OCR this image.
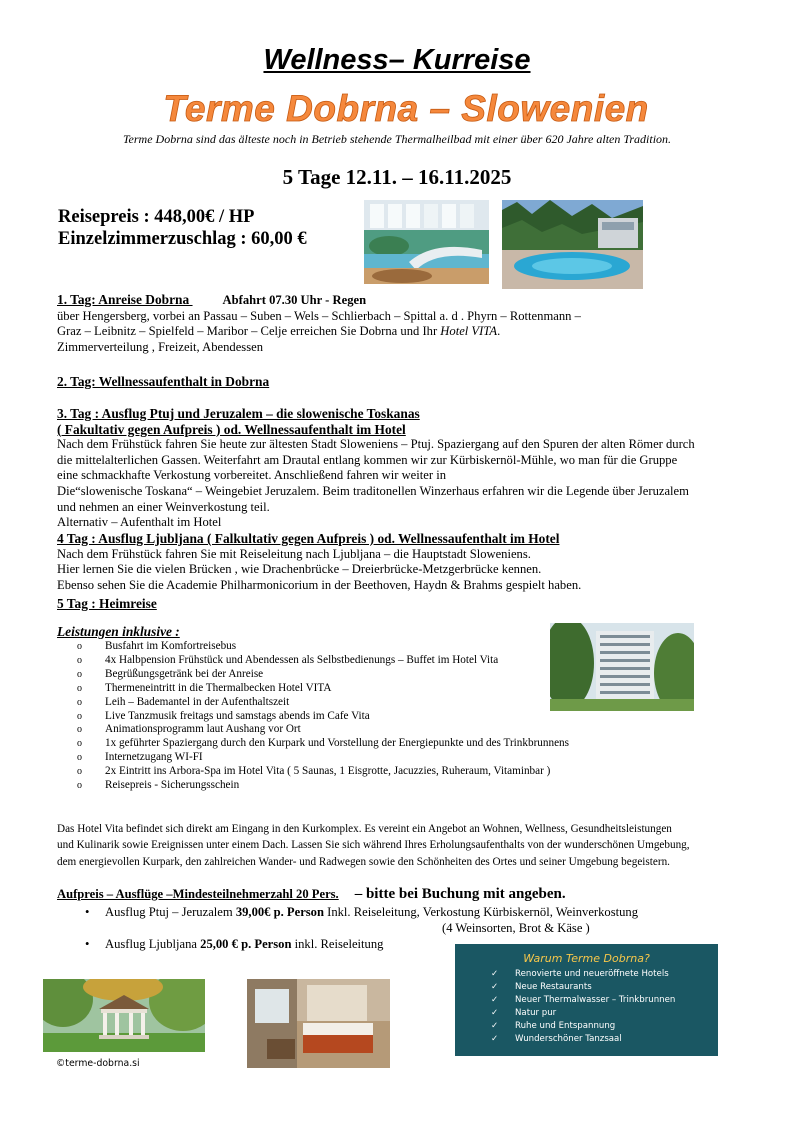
Wellness– Kurreise
Terme Dobrna – Slowenien
Terme Dobrna sind das älteste noch in Betrieb stehende Thermalheilbad mit einer über 620 Jahre alten Tradition.
5 Tage 12.11. – 16.11.2025
Reisepreis : 448,00€ / HP
Einzelzimmerzuschlag : 60,00 €
1. Tag: Anreise Dobrna Abfahrt 07.30 Uhr - Regen
über Hengersberg, vorbei an Passau – Suben – Wels – Schlierbach – Spittal a. d . Phyrn – Rottenmann –
Graz – Leibnitz – Spielfeld – Maribor – Celje erreichen Sie Dobrna und Ihr Hotel VITA.
Zimmerverteilung , Freizeit, Abendessen
2. Tag: Wellnessaufenthalt in Dobrna
3. Tag : Ausflug Ptuj und Jeruzalem – die slowenische Toskanas
( Fakultativ gegen Aufpreis ) od. Wellnessaufenthalt im Hotel
Nach dem Frühstück fahren Sie heute zur ältesten Stadt Sloweniens – Ptuj. Spaziergang auf den Spuren der alten Römer durch
die mittelalterlichen Gassen. Weiterfahrt am Drautal entlang kommen wir zur Kürbiskernöl-Mühle, wo man für die Gruppe
eine schmackhafte Verkostung vorbereitet. Anschließend fahren wir weiter in
Die“slowenische Toskana“ – Weingebiet Jeruzalem. Beim traditonellen Winzerhaus erfahren wir die Legende über Jeruzalem
und nehmen an einer Weinverkostung teil.
Alternativ – Aufenthalt im Hotel
4 Tag : Ausflug Ljubljana ( Falkultativ gegen Aufpreis ) od. Wellnessaufenthalt im Hotel
Nach dem Frühstück fahren Sie mit Reiseleitung nach Ljubljana – die Hauptstadt Sloweniens.
Hier lernen Sie die vielen Brücken , wie Drachenbrücke – Dreierbrücke-Metzgerbrücke kennen.
Ebenso sehen Sie die Academie Philharmonicorium in der Beethoven, Haydn & Brahms gespielt haben.
5 Tag : Heimreise
Leistungen inklusive :
o	Busfahrt im Komfortreisebus
o	4x Halbpension Frühstück und Abendessen als Selbstbedienungs – Buffet im Hotel Vita
o	Begrüßungsgetränk bei der Anreise
o	Thermeneintritt in die Thermalbecken Hotel VITA
o	Leih – Bademantel in der Aufenthaltszeit
o	Live Tanzmusik freitags und samstags abends im Cafe Vita
o	Animationsprogramm laut Aushang vor Ort
o	1x geführter Spaziergang durch den Kurpark und Vorstellung der Energiepunkte und des Trinkbrunnens
o	Internetzugang WI-FI
o	2x Eintritt ins Arbora-Spa im Hotel Vita ( 5 Saunas, 1 Eisgrotte, Jacuzzies, Ruheraum, Vitaminbar )
o	Reisepreis - Sicherungsschein
Das Hotel Vita befindet sich direkt am Eingang in den Kurkomplex. Es vereint ein Angebot an Wohnen, Wellness, Gesundheitsleistungen
und Kulinarik sowie Ereignissen unter einem Dach. Lassen Sie sich während Ihres Erholungsaufenthalts von der wunderschönen Umgebung,
dem energievollen Kurpark, den zahlreichen Wander- und Radwegen sowie den Schönheiten des Ortes und seiner Umgebung begeistern.
Aufpreis – Ausflüge –Mindesteilnehmerzahl 20 Pers. – bitte bei Buchung mit angeben.
• Ausflug Ptuj – Jeruzalem 39,00€ p. Person Inkl. Reiseleitung, Verkostung Kürbiskernöl, Weinverkostung
(4 Weinsorten, Brot & Käse )
• Ausflug Ljubljana 25,00 € p. Person inkl. Reiseleitung
Warum Terme Dobrna?
✓ Renovierte und neueröffnete Hotels
✓ Neue Restaurants
✓ Neuer Thermalwasser – Trinkbrunnen
✓ Natur pur
✓ Ruhe und Entspannung
✓ Wunderschöner Tanzsaal
©terme-dobrna.si
